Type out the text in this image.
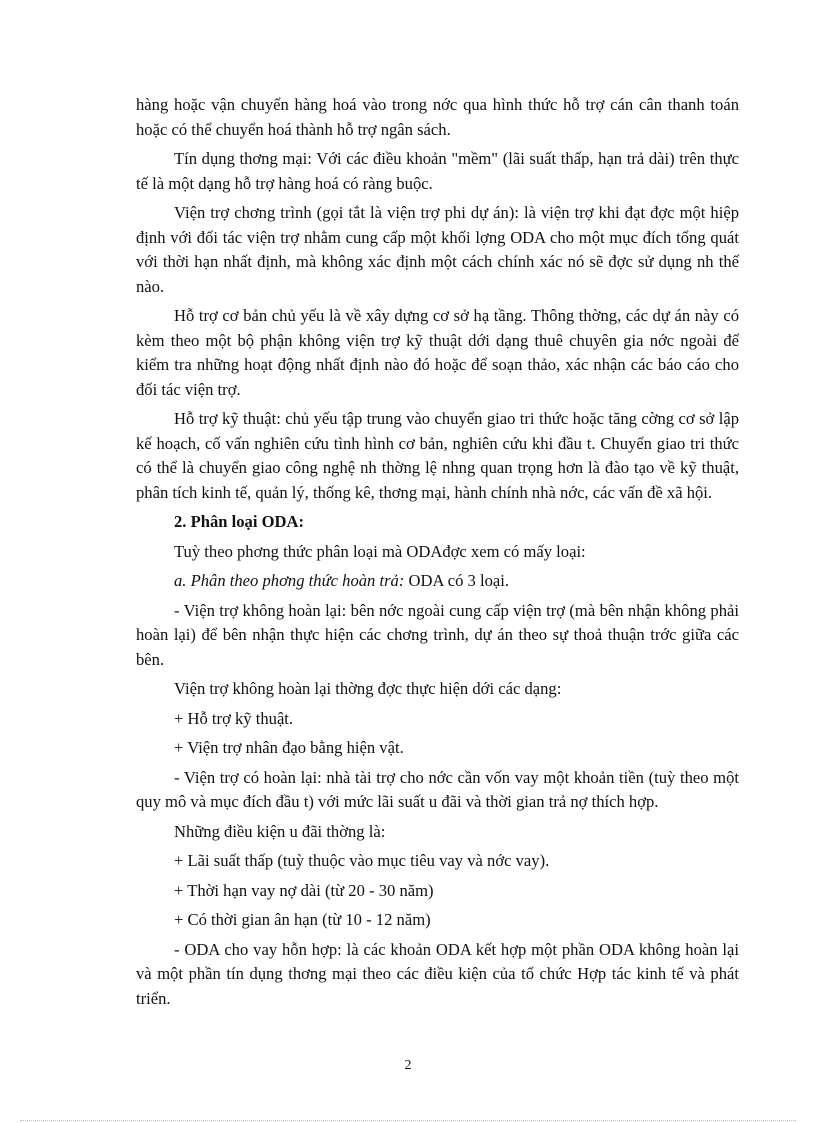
hàng hoặc vận chuyển hàng hoá vào trong nớc qua hình thức hỗ trợ cán cân thanh toán hoặc có thể chuyển hoá thành hỗ trợ ngân sách.

Tín dụng thơng mại: Với các điều khoản "mềm" (lãi suất thấp, hạn trả dài) trên thực tế là một dạng hỗ trợ hàng hoá có ràng buộc.

Viện trợ chơng trình (gọi tắt là viện trợ phi dự án): là viện trợ khi đạt đợc một hiệp định với đối tác viện trợ nhằm cung cấp một khối lợng ODA cho một mục đích tổng quát với thời hạn nhất định, mà không xác định một cách chính xác nó sẽ đợc sử dụng nh thế nào.

Hỗ trợ cơ bản chủ yếu là về xây dựng cơ sở hạ tầng. Thông thờng, các dự án này có kèm theo một bộ phận không viện trợ kỹ thuật dới dạng thuê chuyên gia nớc ngoài để kiểm tra những hoạt động nhất định nào đó hoặc để soạn thảo, xác nhận các báo cáo cho đối tác viện trợ.

Hỗ trợ kỹ thuật: chủ yếu tập trung vào chuyển giao tri thức hoặc tăng cờng cơ sở lập kế hoạch, cố vấn nghiên cứu tình hình cơ bản, nghiên cứu khi đầu t. Chuyển giao tri thức có thể là chuyển giao công nghệ nh thờng lệ nhng quan trọng hơn là đào tạo về kỹ thuật, phân tích kinh tế, quản lý, thống kê, thơng mại, hành chính nhà nớc, các vấn đề xã hội.

2. Phân loại ODA:

Tuỳ theo phơng thức phân loại mà ODAđợc xem có mấy loại:

a. Phân theo phơng thức hoàn trả: ODA có 3 loại.

- Viện trợ không hoàn lại: bên nớc ngoài cung cấp viện trợ (mà bên nhận không phải hoàn lại) để bên nhận thực hiện các chơng trình, dự án theo sự thoả thuận trớc giữa các bên.

Viện trợ không hoàn lại thờng đợc thực hiện dới các dạng:

+ Hỗ trợ kỹ thuật.

+ Viện trợ nhân đạo bằng hiện vật.

- Viện trợ có hoàn lại: nhà tài trợ cho nớc cần vốn vay một khoản tiền (tuỳ theo một quy mô và mục đích đầu t) với mức lãi suất u đãi và thời gian trả nợ thích hợp.

Những điều kiện u đãi thờng là:

+ Lãi suất thấp (tuỳ thuộc vào mục tiêu vay và nớc vay).

+ Thời hạn vay nợ dài (từ 20 - 30 năm)

+ Có thời gian ân hạn (từ 10 - 12 năm)

- ODA cho vay hỗn hợp: là các khoản ODA kết hợp một phần ODA không hoàn lại và một phần tín dụng thơng mại theo các điều kiện của tổ chức Hợp tác kinh tế và phát triển.

2
